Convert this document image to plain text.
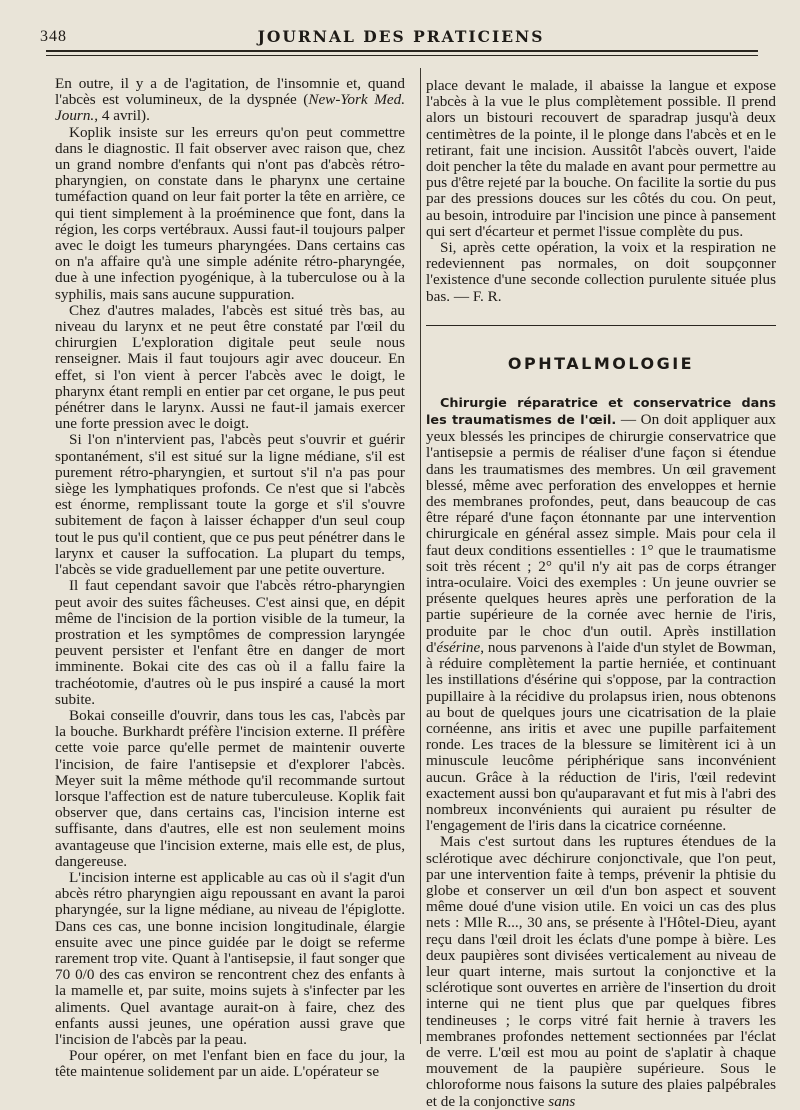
348	JOURNAL DES PRATICIENS

En outre, il y a de l'agitation, de l'insomnie et, quand l'abcès est volumineux, de la dyspnée (New-York Med. Journ., 4 avril).

Koplik insiste sur les erreurs qu'on peut commettre dans le diagnostic. Il fait observer avec raison que, chez un grand nombre d'enfants qui n'ont pas d'abcès rétro-pharyngien, on constate dans le pharynx une certaine tuméfaction quand on leur fait porter la tête en arrière, ce qui tient simplement à la proéminence que font, dans la région, les corps vertébraux. Aussi faut-il toujours palper avec le doigt les tumeurs pharyngées. Dans certains cas on n'a affaire qu'à une simple adénite rétro-pharyngée, due à une infection pyogénique, à la tuberculose ou à la syphilis, mais sans aucune suppuration.

Chez d'autres malades, l'abcès est situé très bas, au niveau du larynx et ne peut être constaté par l'œil du chirurgien L'exploration digitale peut seule nous renseigner. Mais il faut toujours agir avec douceur. En effet, si l'on vient à percer l'abcès avec le doigt, le pharynx étant rempli en entier par cet organe, le pus peut pénétrer dans le larynx. Aussi ne faut-il jamais exercer une forte pression avec le doigt.

Si l'on n'intervient pas, l'abcès peut s'ouvrir et guérir spontanément, s'il est situé sur la ligne médiane, s'il est purement rétro-pharyngien, et surtout s'il n'a pas pour siège les lymphatiques profonds. Ce n'est que si l'abcès est énorme, remplissant toute la gorge et s'il s'ouvre subitement de façon à laisser échapper d'un seul coup tout le pus qu'il contient, que ce pus peut pénétrer dans le larynx et causer la suffocation. La plupart du temps, l'abcès se vide graduellement par une petite ouverture.

Il faut cependant savoir que l'abcès rétro-pharyngien peut avoir des suites fâcheuses. C'est ainsi que, en dépit même de l'incision de la portion visible de la tumeur, la prostration et les symptômes de compression laryngée peuvent persister et l'enfant être en danger de mort imminente. Bokai cite des cas où il a fallu faire la trachéotomie, d'autres où le pus inspiré a causé la mort subite.

Bokai conseille d'ouvrir, dans tous les cas, l'abcès par la bouche. Burkhardt préfère l'incision externe. Il préfère cette voie parce qu'elle permet de maintenir ouverte l'incision, de faire l'antisepsie et d'explorer l'abcès. Meyer suit la même méthode qu'il recommande surtout lorsque l'affection est de nature tuberculeuse. Koplik fait observer que, dans certains cas, l'incision interne est suffisante, dans d'autres, elle est non seulement moins avantageuse que l'incision externe, mais elle est, de plus, dangereuse.

L'incision interne est applicable au cas où il s'agit d'un abcès rétro pharyngien aigu repoussant en avant la paroi pharyngée, sur la ligne médiane, au niveau de l'épiglotte. Dans ces cas, une bonne incision longitudinale, élargie ensuite avec une pince guidée par le doigt se referme rarement trop vite. Quant à l'antisepsie, il faut songer que 70 0/0 des cas environ se rencontrent chez des enfants à la mamelle et, par suite, moins sujets à s'infecter par les aliments. Quel avantage aurait-on à faire, chez des enfants aussi jeunes, une opération aussi grave que l'incision de l'abcès par la peau.

Pour opérer, on met l'enfant bien en face du jour, la tête maintenue solidement par un aide. L'opérateur se

place devant le malade, il abaisse la langue et expose l'abcès à la vue le plus complètement possible. Il prend alors un bistouri recouvert de sparadrap jusqu'à deux centimètres de la pointe, il le plonge dans l'abcès et en le retirant, fait une incision. Aussitôt l'abcès ouvert, l'aide doit pencher la tête du malade en avant pour permettre au pus d'être rejeté par la bouche. On facilite la sortie du pus par des pressions douces sur les côtés du cou. On peut, au besoin, introduire par l'incision une pince à pansement qui sert d'écarteur et permet l'issue complète du pus.

Si, après cette opération, la voix et la respiration ne redeviennent pas normales, on doit soupçonner l'existence d'une seconde collection purulente située plus bas. — F. R.

OPHTALMOLOGIE

Chirurgie réparatrice et conservatrice dans les traumatismes de l'œil. — On doit appliquer aux yeux blessés les principes de chirurgie conservatrice que l'antisepsie a permis de réaliser d'une façon si étendue dans les traumatismes des membres. Un œil gravement blessé, même avec perforation des enveloppes et hernie des membranes profondes, peut, dans beaucoup de cas être réparé d'une façon étonnante par une intervention chirurgicale en général assez simple. Mais pour cela il faut deux conditions essentielles : 1° que le traumatisme soit très récent ; 2° qu'il n'y ait pas de corps étranger intra-oculaire. Voici des exemples : Un jeune ouvrier se présente quelques heures après une perforation de la partie supérieure de la cornée avec hernie de l'iris, produite par le choc d'un outil. Après instillation d'ésérine, nous parvenons à l'aide d'un stylet de Bowman, à réduire complètement la partie herniée, et continuant les instillations d'ésérine qui s'oppose, par la contraction pupillaire à la récidive du prolapsus irien, nous obtenons au bout de quelques jours une cicatrisation de la plaie cornéenne, ans iritis et avec une pupille parfaitement ronde. Les traces de la blessure se limitèrent ici à un minuscule leucôme périphérique sans inconvénient aucun. Grâce à la réduction de l'iris, l'œil redevint exactement aussi bon qu'auparavant et fut mis à l'abri des nombreux inconvénients qui auraient pu résulter de l'engagement de l'iris dans la cicatrice cornéenne.

Mais c'est surtout dans les ruptures étendues de la sclérotique avec déchirure conjonctivale, que l'on peut, par une intervention faite à temps, prévenir la phtisie du globe et conserver un œil d'un bon aspect et souvent même doué d'une vision utile. En voici un cas des plus nets : Mlle R..., 30 ans, se présente à l'Hôtel-Dieu, ayant reçu dans l'œil droit les éclats d'une pompe à bière. Les deux paupières sont divisées verticalement au niveau de leur quart interne, mais surtout la conjonctive et la sclérotique sont ouvertes en arrière de l'insertion du droit interne qui ne tient plus que par quelques fibres tendineuses ; le corps vitré fait hernie à travers les membranes profondes nettement sectionnées par l'éclat de verre. L'œil est mou au point de s'aplatir à chaque mouvement de la paupière supérieure. Sous le chloroforme nous faisons la suture des plaies palpébrales et de la conjonctive sans
